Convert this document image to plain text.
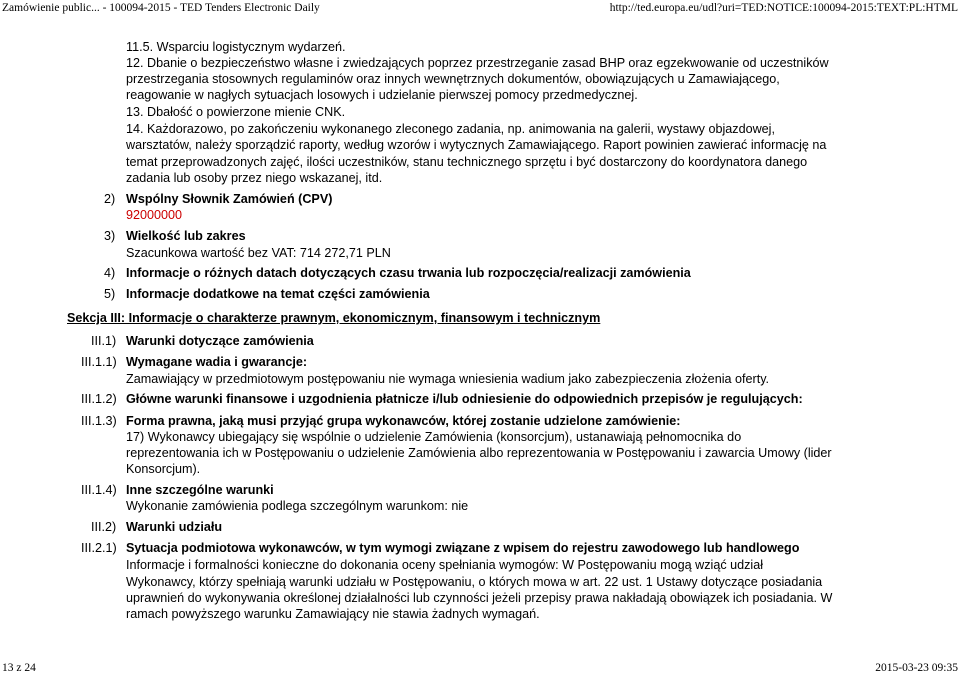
Zamówienie public... - 100094-2015 - TED Tenders Electronic Daily	http://ted.europa.eu/udl?uri=TED:NOTICE:100094-2015:TEXT:PL:HTML
11.5. Wsparciu logistycznym wydarzeń.
12. Dbanie o bezpieczeństwo własne i zwiedzających poprzez przestrzeganie zasad BHP oraz egzekwowanie od uczestników
przestrzegania stosownych regulaminów oraz innych wewnętrznych dokumentów, obowiązujących u Zamawiającego,
reagowanie w nagłych sytuacjach losowych i udzielanie pierwszej pomocy przedmedycznej.
13. Dbałość o powierzone mienie CNK.
14. Każdorazowo, po zakończeniu wykonanego zleconego zadania, np. animowania na galerii, wystawy objazdowej,
warsztatów, należy sporządzić raporty, według wzorów i wytycznych Zamawiającego. Raport powinien zawierać informację na
temat przeprowadzonych zajęć, ilości uczestników, stanu technicznego sprzętu i być dostarczony do koordynatora danego
zadania lub osoby przez niego wskazanej, itd.
2) Wspólny Słownik Zamówień (CPV)
92000000
3) Wielkość lub zakres
Szacunkowa wartość bez VAT: 714 272,71 PLN
4) Informacje o różnych datach dotyczących czasu trwania lub rozpoczęcia/realizacji zamówienia
5) Informacje dodatkowe na temat części zamówienia
Sekcja III: Informacje o charakterze prawnym, ekonomicznym, finansowym i technicznym
III.1) Warunki dotyczące zamówienia
III.1.1) Wymagane wadia i gwarancje:
Zamawiający w przedmiotowym postępowaniu nie wymaga wniesienia wadium jako zabezpieczenia złożenia oferty.
III.1.2) Główne warunki finansowe i uzgodnienia płatnicze i/lub odniesienie do odpowiednich przepisów je regulujących:
III.1.3) Forma prawna, jaką musi przyjąć grupa wykonawców, której zostanie udzielone zamówienie:
17) Wykonawcy ubiegający się wspólnie o udzielenie Zamówienia (konsorcjum), ustanawiają pełnomocnika do
reprezentowania ich w Postępowaniu o udzielenie Zamówienia albo reprezentowania w Postępowaniu i zawarcia Umowy (lider
Konsorcjum).
III.1.4) Inne szczególne warunki
Wykonanie zamówienia podlega szczególnym warunkom: nie
III.2) Warunki udziału
III.2.1) Sytuacja podmiotowa wykonawców, w tym wymogi związane z wpisem do rejestru zawodowego lub handlowego
Informacje i formalności konieczne do dokonania oceny spełniania wymogów: W Postępowaniu mogą wziąć udział
Wykonawcy, którzy spełniają warunki udziału w Postępowaniu, o których mowa w art. 22 ust. 1 Ustawy dotyczące posiadania
uprawnień do wykonywania określonej działalności lub czynności jeżeli przepisy prawa nakładają obowiązek ich posiadania. W
ramach powyższego warunku Zamawiający nie stawia żadnych wymagań.
13 z 24	2015-03-23 09:35
